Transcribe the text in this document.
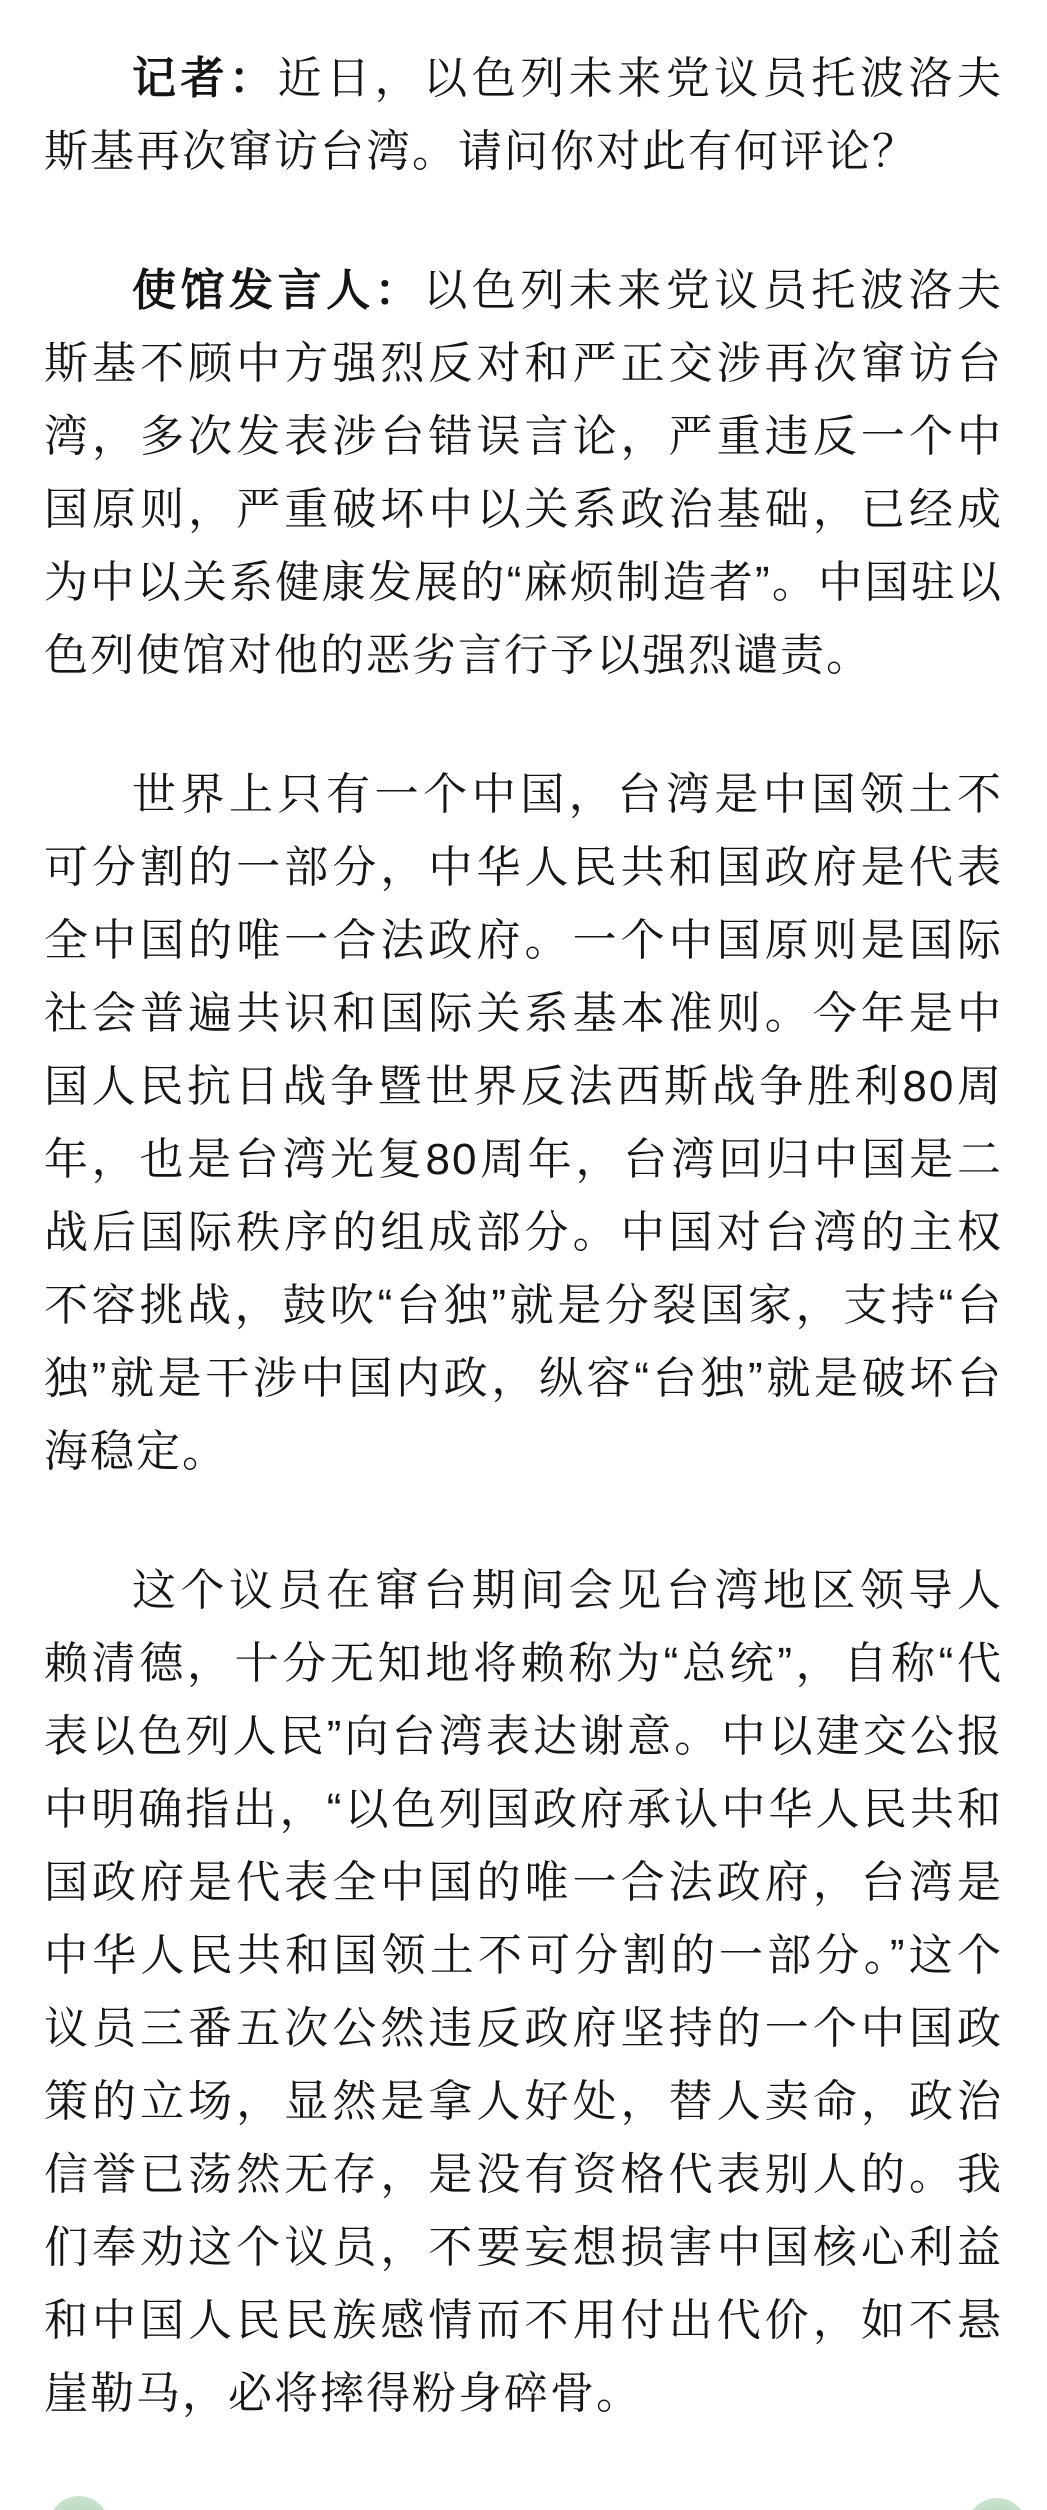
记者：近日，以色列未来党议员托波洛夫斯基再次窜访台湾。请问你对此有何评论？

使馆发言人：以色列未来党议员托波洛夫斯基不顾中方强烈反对和严正交涉再次窜访台湾，多次发表涉台错误言论，严重违反一个中国原则，严重破坏中以关系政治基础，已经成为中以关系健康发展的“麻烦制造者”。中国驻以色列使馆对他的恶劣言行予以强烈谴责。

世界上只有一个中国，台湾是中国领土不可分割的一部分，中华人民共和国政府是代表全中国的唯一合法政府。一个中国原则是国际社会普遍共识和国际关系基本准则。今年是中国人民抗日战争暨世界反法西斯战争胜利80周年，也是台湾光复80周年，台湾回归中国是二战后国际秩序的组成部分。中国对台湾的主权不容挑战，鼓吹“台独”就是分裂国家，支持“台独”就是干涉中国内政，纵容“台独”就是破坏台海稳定。

这个议员在窜台期间会见台湾地区领导人赖清德，十分无知地将赖称为“总统”，自称“代表以色列人民”向台湾表达谢意。中以建交公报中明确指出，“以色列国政府承认中华人民共和国政府是代表全中国的唯一合法政府，台湾是中华人民共和国领土不可分割的一部分。”这个议员三番五次公然违反政府坚持的一个中国政策的立场，显然是拿人好处，替人卖命，政治信誉已荡然无存，是没有资格代表别人的。我们奉劝这个议员，不要妄想损害中国核心利益和中国人民民族感情而不用付出代价，如不悬崖勒马，必将摔得粉身碎骨。
